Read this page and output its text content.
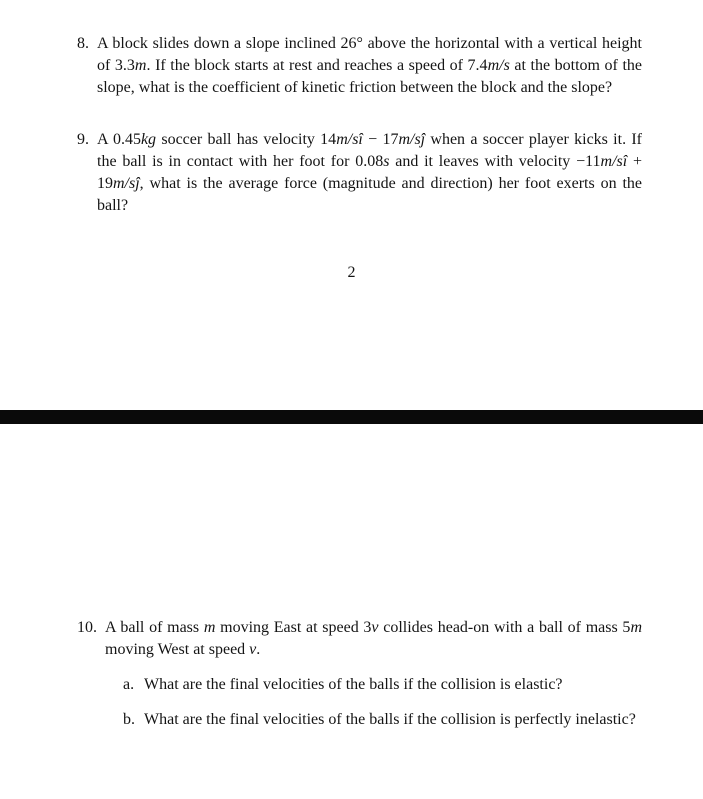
8. A block slides down a slope inclined 26° above the horizontal with a vertical height of 3.3m. If the block starts at rest and reaches a speed of 7.4m/s at the bottom of the slope, what is the coefficient of kinetic friction between the block and the slope?
9. A 0.45kg soccer ball has velocity 14m/sî − 17m/sĵ when a soccer player kicks it. If the ball is in contact with her foot for 0.08s and it leaves with velocity −11m/sî + 19m/sĵ, what is the average force (magnitude and direction) her foot exerts on the ball?
2
10. A ball of mass m moving East at speed 3v collides head-on with a ball of mass 5m moving West at speed v.
a. What are the final velocities of the balls if the collision is elastic?
b. What are the final velocities of the balls if the collision is perfectly inelastic?
